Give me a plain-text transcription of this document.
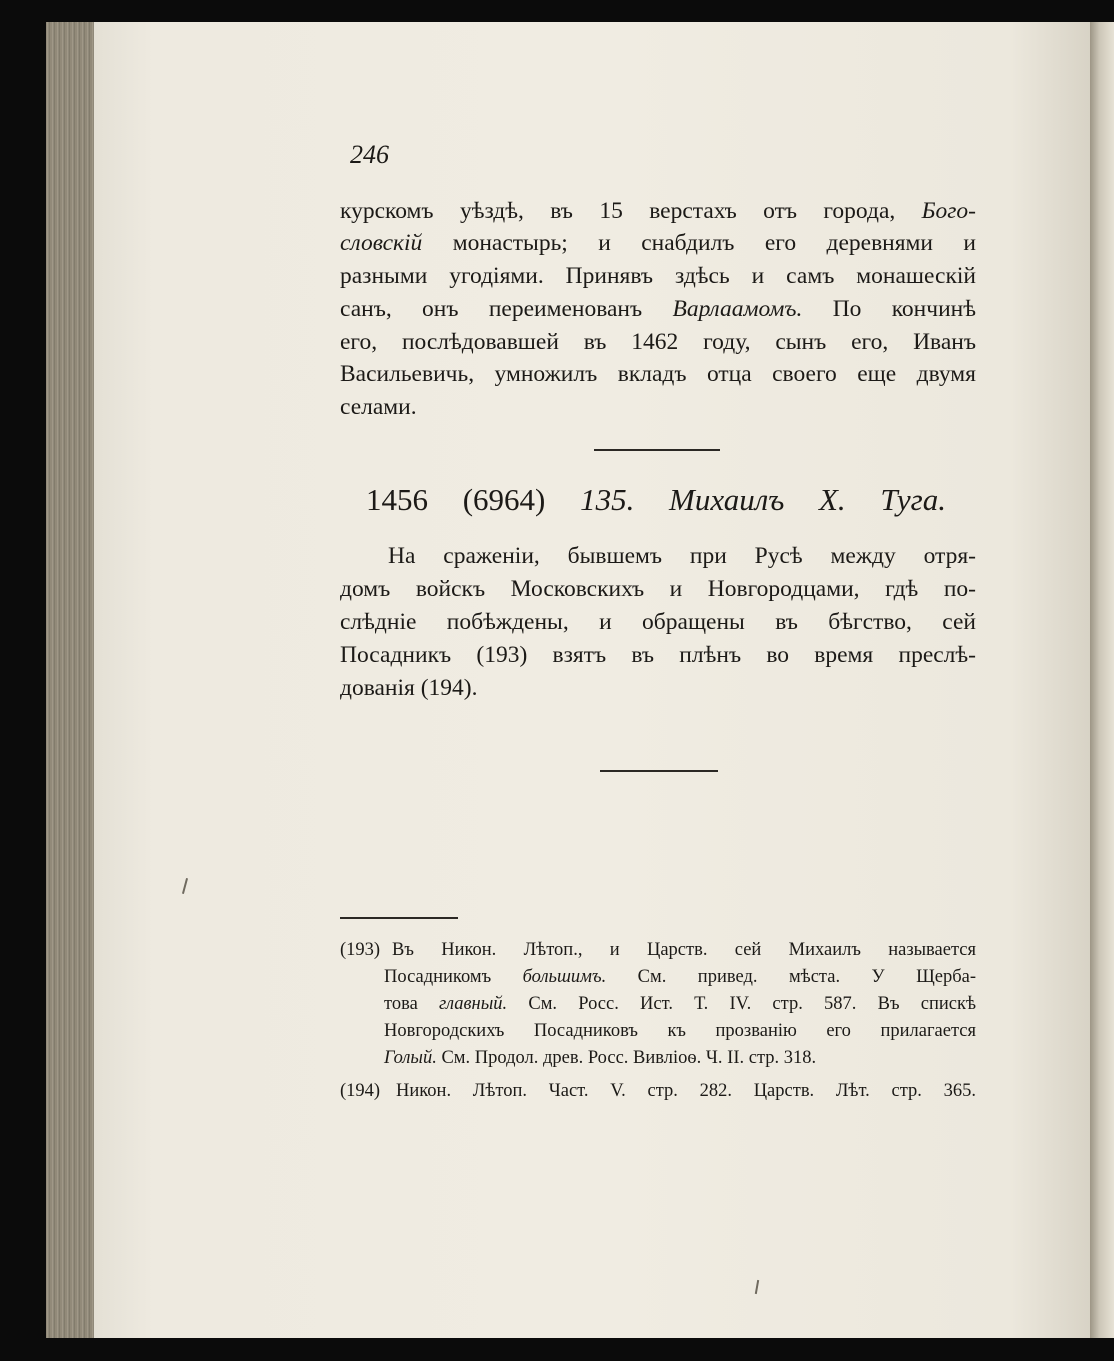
246
курскомъ уѣздѣ, въ 15 верстахъ отъ города, Бого-
словскій монастырь; и снабдилъ его деревнями и
разными угодіями. Принявъ здѣсь и самъ монашескій
санъ, онъ переименованъ Варлаамомъ. По кончинѣ
его, послѣдовавшей въ 1462 году, сынъ его, Иванъ
Васильевичь, умножилъ вкладъ отца своего еще двумя
селами.
1456 (6964) 135. Михаилъ Х. Туга.
На сраженіи, бывшемъ при Русѣ между отря-
домъ войскъ Московскихъ и Новгородцами, гдѣ по-
слѣдніе побѣждены, и обращены въ бѣгство, сей
Посадникъ (193) взятъ въ плѣнъ во время прeслѣ-
дованія (194).
(193) Въ Никон. Лѣтоп., и Царств. сей Михаилъ называется
Посадникомъ большимъ. См. привед. мѣста. У Щерба-
това главный. См. Росс. Ист. Т. IV. стр. 587. Въ спискѣ
Новгородскихъ Посадниковъ къ прозванію его прилагается
Голый. См. Продол. древ. Росс. Вивліоѳ. Ч. II. стр. 318.
(194) Никон. Лѣтоп. Част. V. стр. 282. Царств. Лѣт. стр. 365.
